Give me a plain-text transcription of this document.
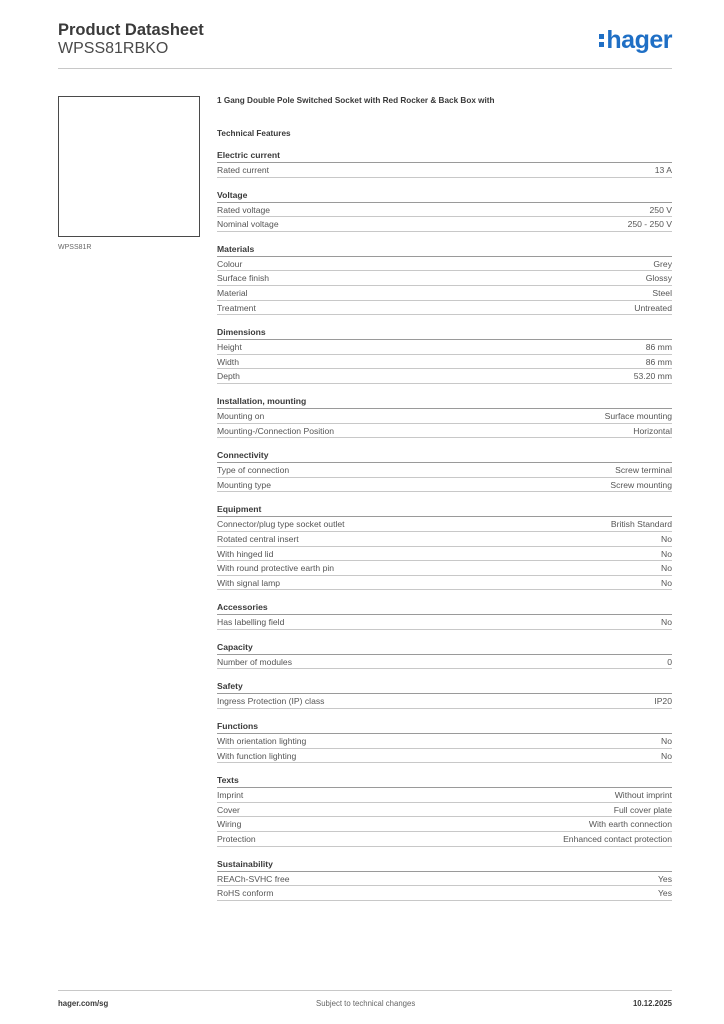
Product Datasheet
WPSS81RBKO	hager
WPSS81R
1 Gang Double Pole Switched Socket with Red Rocker & Back Box with
Technical Features
Electric current
Rated current	13 A
Voltage
Rated voltage	250 V
Nominal voltage	250 - 250 V
Materials
Colour	Grey
Surface finish	Glossy
Material	Steel
Treatment	Untreated
Dimensions
Height	86 mm
Width	86 mm
Depth	53.20 mm
Installation, mounting
Mounting on	Surface mounting
Mounting-/Connection Position	Horizontal
Connectivity
Type of connection	Screw terminal
Mounting type	Screw mounting
Equipment
Connector/plug type socket outlet	British Standard
Rotated central insert	No
With hinged lid	No
With round protective earth pin	No
With signal lamp	No
Accessories
Has labelling field	No
Capacity
Number of modules	0
Safety
Ingress Protection (IP) class	IP20
Functions
With orientation lighting	No
With function lighting	No
Texts
Imprint	Without imprint
Cover	Full cover plate
Wiring	With earth connection
Protection	Enhanced contact protection
Sustainability
REACh-SVHC free	Yes
RoHS conform	Yes
hager.com/sg	Subject to technical changes	10.12.2025
